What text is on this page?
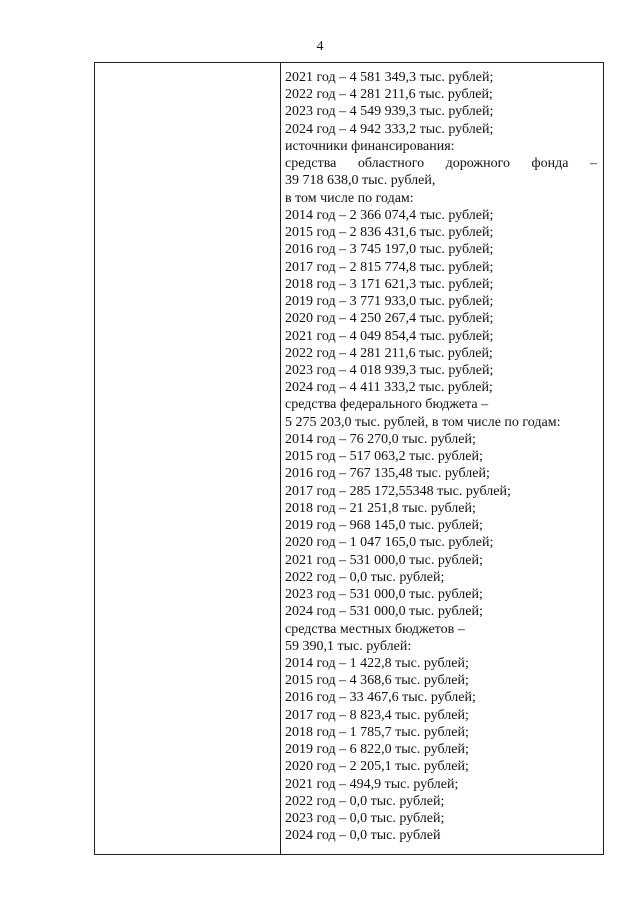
4
2021 год – 4 581 349,3 тыс. рублей;
2022 год – 4 281 211,6 тыс. рублей;
2023 год – 4 549 939,3 тыс. рублей;
2024 год – 4 942 333,2 тыс. рублей;
источники финансирования:
средства областного дорожного фонда –
39 718 638,0 тыс. рублей,
в том числе по годам:
2014 год – 2 366 074,4 тыс. рублей;
2015 год – 2 836 431,6 тыс. рублей;
2016 год – 3 745 197,0 тыс. рублей;
2017 год – 2 815 774,8 тыс. рублей;
2018 год – 3 171 621,3 тыс. рублей;
2019 год – 3 771 933,0 тыс. рублей;
2020 год – 4 250 267,4 тыс. рублей;
2021 год – 4 049 854,4 тыс. рублей;
2022 год – 4 281 211,6 тыс. рублей;
2023 год – 4 018 939,3 тыс. рублей;
2024 год – 4 411 333,2 тыс. рублей;
средства федерального бюджета –
5 275 203,0 тыс. рублей, в том числе по годам:
2014 год – 76 270,0 тыс. рублей;
2015 год – 517 063,2 тыс. рублей;
2016 год – 767 135,48 тыс. рублей;
2017 год – 285 172,55348 тыс. рублей;
2018 год – 21 251,8 тыс. рублей;
2019 год – 968 145,0 тыс. рублей;
2020 год – 1 047 165,0 тыс. рублей;
2021 год – 531 000,0 тыс. рублей;
2022 год – 0,0 тыс. рублей;
2023 год – 531 000,0 тыс. рублей;
2024 год – 531 000,0 тыс. рублей;
средства местных бюджетов –
59 390,1 тыс. рублей:
2014 год – 1 422,8 тыс. рублей;
2015 год – 4 368,6 тыс. рублей;
2016 год – 33 467,6 тыс. рублей;
2017 год – 8 823,4 тыс. рублей;
2018 год – 1 785,7 тыс. рублей;
2019 год – 6 822,0 тыс. рублей;
2020 год – 2 205,1 тыс. рублей;
2021 год – 494,9 тыс. рублей;
2022 год – 0,0 тыс. рублей;
2023 год – 0,0 тыс. рублей;
2024 год – 0,0 тыс. рублей
